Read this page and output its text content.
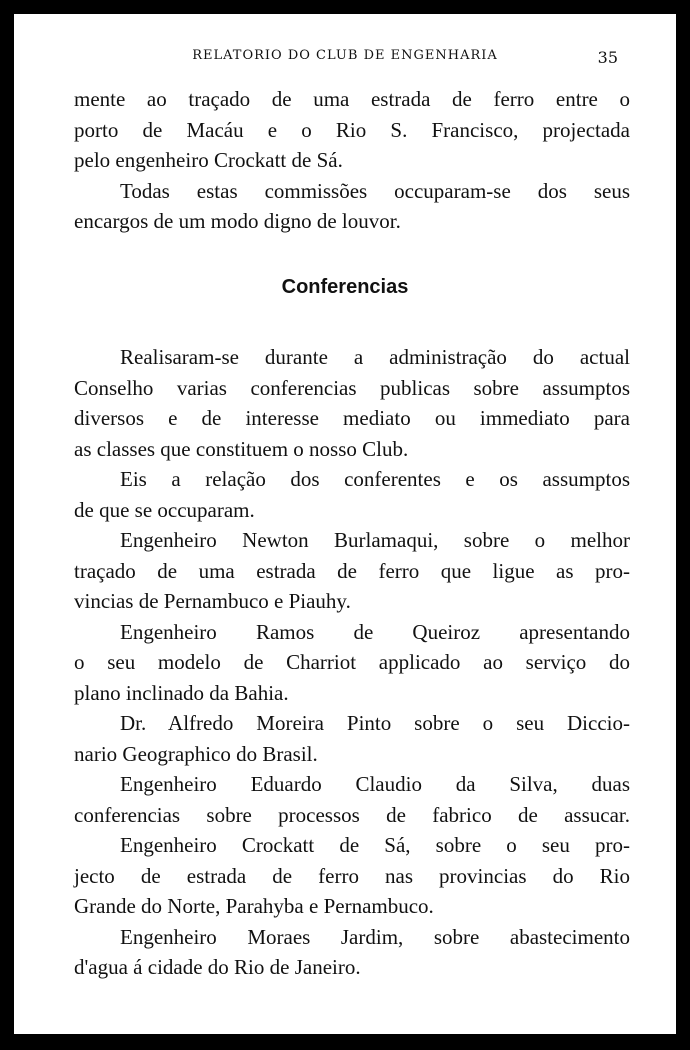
RELATORIO DO CLUB DE ENGENHARIA	35

mente ao traçado de uma estrada de ferro entre o
porto de Macáu e o Rio S. Francisco, projectada
pelo engenheiro Crockatt de Sá.

Todas estas commissões occuparam-se dos seus
encargos de um modo digno de louvor.

Conferencias

Realisaram-se durante a administração do actual
Conselho varias conferencias publicas sobre assumptos
diversos e de interesse mediato ou immediato para
as classes que constituem o nosso Club.

Eis a relação dos conferentes e os assumptos
de que se occuparam.

Engenheiro Newton Burlamaqui, sobre o melhor
traçado de uma estrada de ferro que ligue as pro-
vincias de Pernambuco e Piauhy.

Engenheiro Ramos de Queiroz apresentando
o seu modelo de Charriot applicado ao serviço do
plano inclinado da Bahia.

Dr. Alfredo Moreira Pinto sobre o seu Diccio-
nario Geographico do Brasil.

Engenheiro Eduardo Claudio da Silva, duas
conferencias sobre processos de fabrico de assucar.

Engenheiro Crockatt de Sá, sobre o seu pro-
jecto de estrada de ferro nas provincias do Rio
Grande do Norte, Parahyba e Pernambuco.

Engenheiro Moraes Jardim, sobre abastecimento
d'agua á cidade do Rio de Janeiro.
